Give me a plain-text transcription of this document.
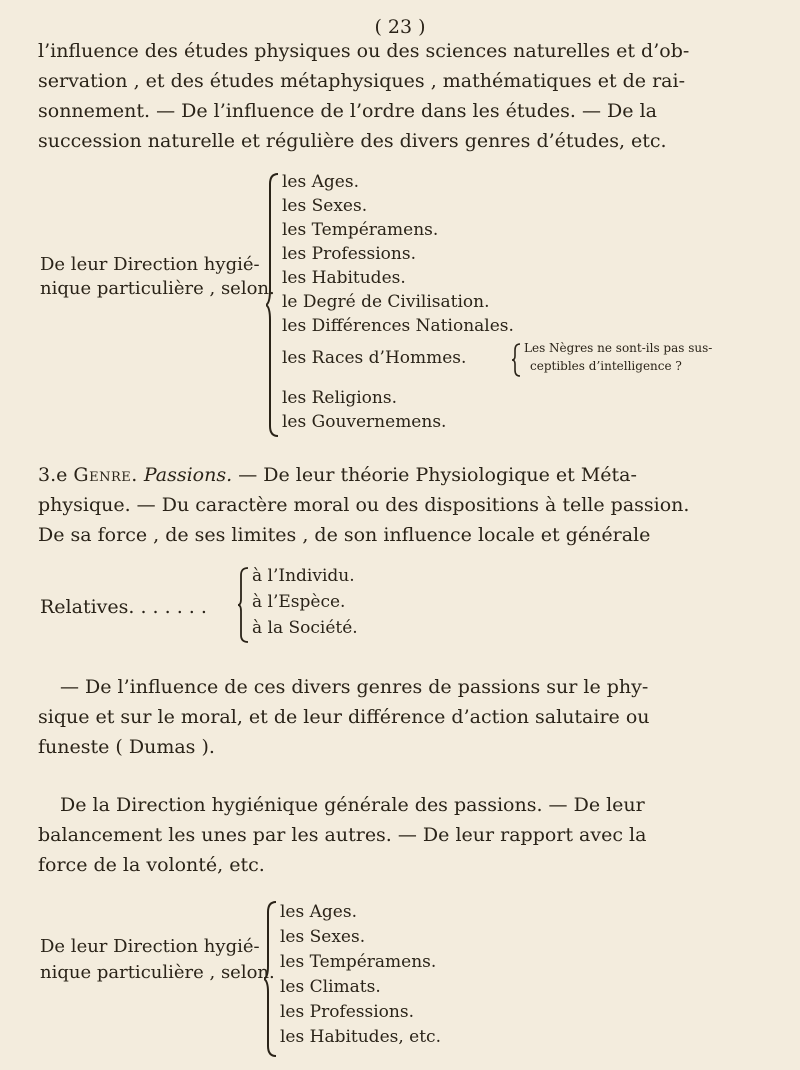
( 23 )
l’influence des études physiques ou des sciences naturelles et d’ob-
servation , et des études métaphysiques , mathématiques et de rai-
sonnement. — De l’influence de l’ordre dans les études. — De la
succession naturelle et régulière des divers genres d’études, etc.
De leur Direction hygié-
nique particulière , selon.
les Ages.
les Sexes.
les Tempéramens.
les Professions.
les Habitudes.
le Degré de Civilisation.
les Différences Nationales.
les Races d’Hommes.
les Religions.
les Gouvernemens.
Les Nègres ne sont-ils pas sus-
ceptibles d’intelligence ?
3.e Genre. Passions. — De leur théorie Physiologique et Méta-
physique. — Du caractère moral ou des dispositions à telle passion.
De sa force , de ses limites , de son influence locale et générale
Relatives. . . . . . .
à l’Individu.
à l’Espèce.
à la Société.
— De l’influence de ces divers genres de passions sur le phy-
sique et sur le moral, et de leur différence d’action salutaire ou
funeste ( Dumas ).
De la Direction hygiénique générale des passions. — De leur
balancement les unes par les autres. — De leur rapport avec la
force de la volonté, etc.
De leur Direction hygié-
nique particulière , selon.
les Ages.
les Sexes.
les Tempéramens.
les Climats.
les Professions.
les Habitudes, etc.
